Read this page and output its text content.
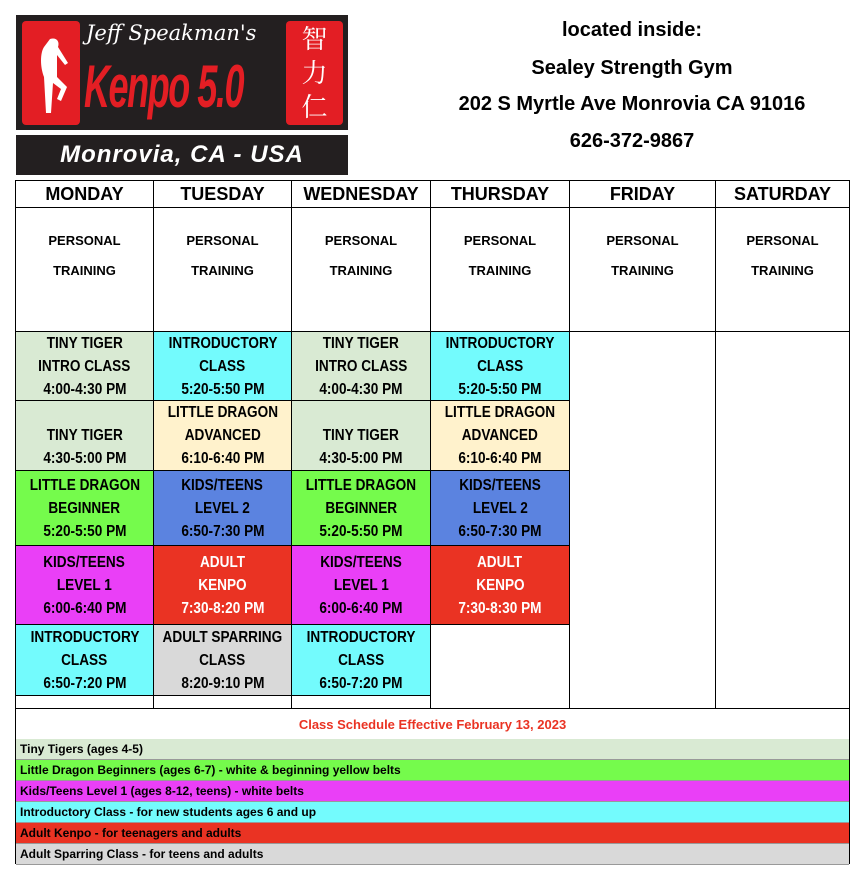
Jeff Speakman's
Kenpo 5.0
智
力
仁
Monrovia, CA - USA
located inside:
Sealey Strength Gym
202 S Myrtle Ave Monrovia CA 91016
626-372-9867
Class Schedule Effective February 13, 2023
MONDAY
PERSONAL
TRAINING
TINY TIGER
INTRO CLASS
4:00-4:30 PM
TINY TIGER
4:30-5:00 PM
LITTLE DRAGON
BEGINNER
5:20-5:50 PM
KIDS/TEENS
LEVEL 1
6:00-6:40 PM
INTRODUCTORY
CLASS
6:50-7:20 PM
TUESDAY
PERSONAL
TRAINING
INTRODUCTORY
CLASS
5:20-5:50 PM
LITTLE DRAGON
ADVANCED
6:10-6:40 PM
KIDS/TEENS
LEVEL 2
6:50-7:30 PM
ADULT
KENPO
7:30-8:20 PM
ADULT SPARRING
CLASS
8:20-9:10 PM
WEDNESDAY
PERSONAL
TRAINING
TINY TIGER
INTRO CLASS
4:00-4:30 PM
TINY TIGER
4:30-5:00 PM
LITTLE DRAGON
BEGINNER
5:20-5:50 PM
KIDS/TEENS
LEVEL 1
6:00-6:40 PM
INTRODUCTORY
CLASS
6:50-7:20 PM
THURSDAY
PERSONAL
TRAINING
INTRODUCTORY
CLASS
5:20-5:50 PM
LITTLE DRAGON
ADVANCED
6:10-6:40 PM
KIDS/TEENS
LEVEL 2
6:50-7:30 PM
ADULT
KENPO
7:30-8:30 PM
FRIDAY
PERSONAL
TRAINING
SATURDAY
PERSONAL
TRAINING
Tiny Tigers (ages 4-5)
Little Dragon Beginners (ages 6-7) - white & beginning yellow belts
Kids/Teens Level 1 (ages 8-12, teens) - white belts
Introductory Class - for new students ages 6 and up
Adult Kenpo - for teenagers and adults
Adult Sparring Class - for teens and adults
